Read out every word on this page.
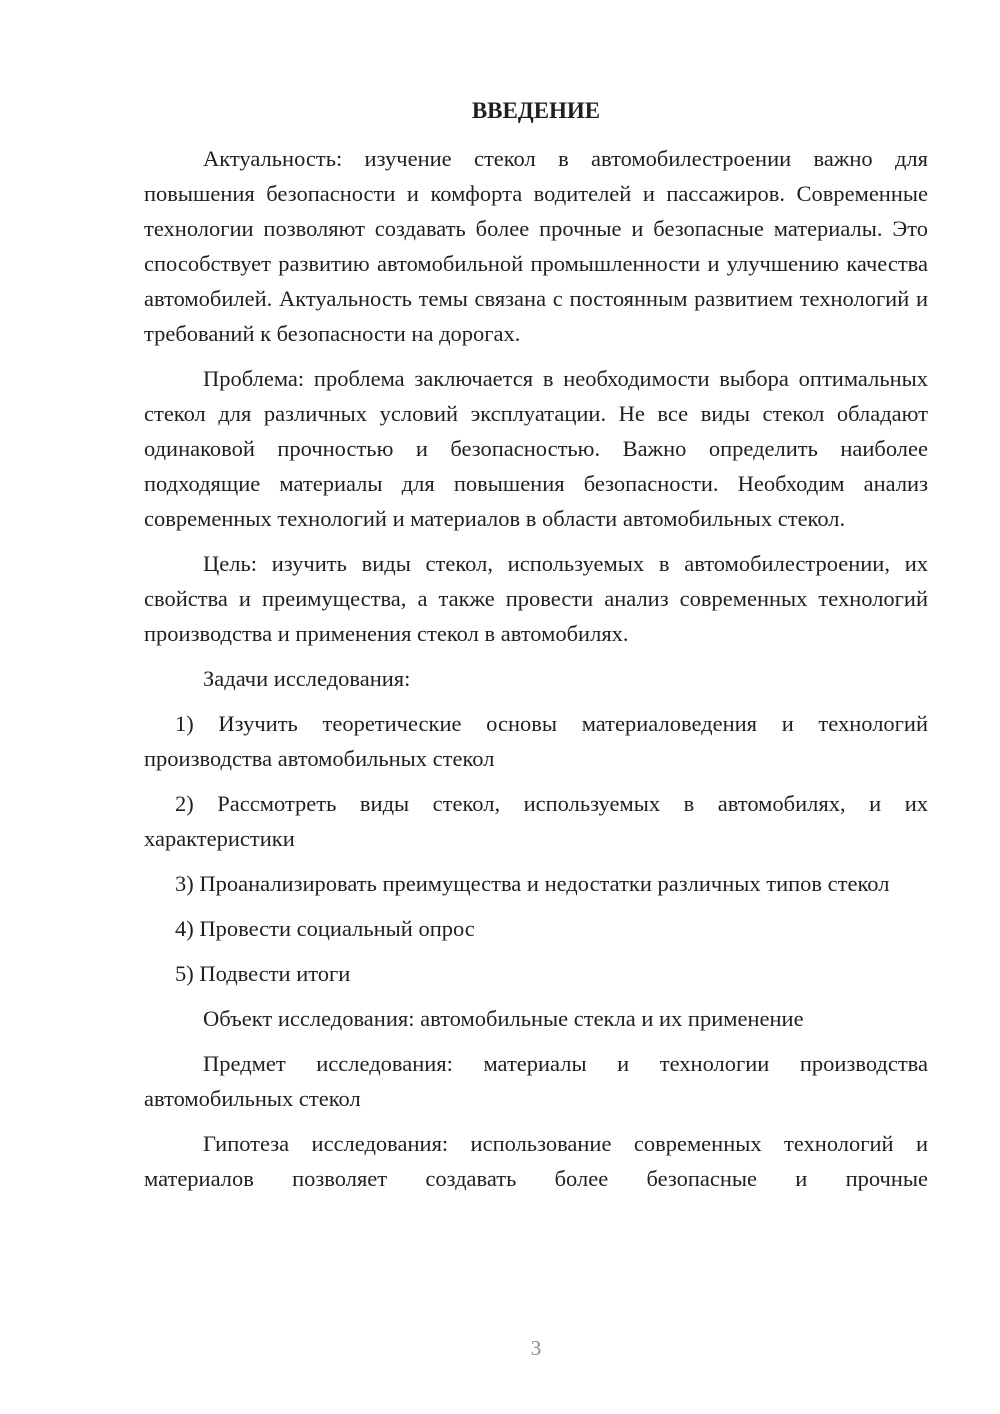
ВВЕДЕНИЕ

Актуальность: изучение стекол в автомобилестроении важно для повышения безопасности и комфорта водителей и пассажиров. Современные технологии позволяют создавать более прочные и безопасные материалы. Это способствует развитию автомобильной промышленности и улучшению качества автомобилей. Актуальность темы связана с постоянным развитием технологий и требований к безопасности на дорогах.

Проблема: проблема заключается в необходимости выбора оптимальных стекол для различных условий эксплуатации. Не все виды стекол обладают одинаковой прочностью и безопасностью. Важно определить наиболее подходящие материалы для повышения безопасности. Необходим анализ современных технологий и материалов в области автомобильных стекол.

Цель: изучить виды стекол, используемых в автомобилестроении, их свойства и преимущества, а также провести анализ современных технологий производства и применения стекол в автомобилях.

Задачи исследования:

1) Изучить теоретические основы материаловедения и технологий производства автомобильных стекол

2) Рассмотреть виды стекол, используемых в автомобилях, и их характеристики

3) Проанализировать преимущества и недостатки различных типов стекол

4) Провести социальный опрос

5) Подвести итоги

Объект исследования: автомобильные стекла и их применение

Предмет исследования: материалы и технологии производства автомобильных стекол

Гипотеза исследования: использование современных технологий и материалов позволяет создавать более безопасные и прочные

3
